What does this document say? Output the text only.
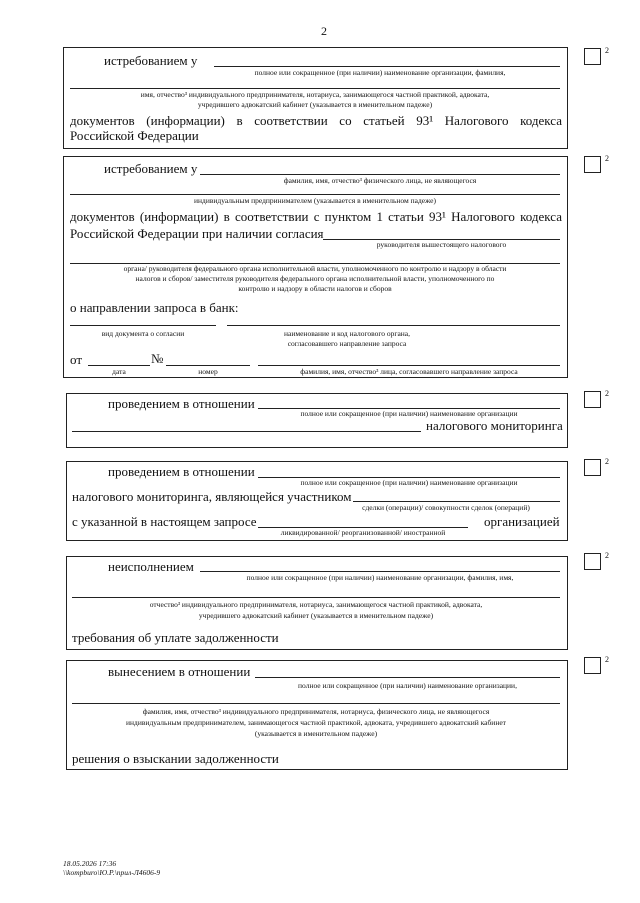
2
истребованием у
полное или сокращенное (при наличии) наименование организации, фамилия,
имя, отчество³ индивидуального предпринимателя, нотариуса, занимающегося частной практикой, адвоката,
учредившего адвокатский кабинет (указывается в именительном падеже)
документов (информации) в соответствии со статьей 93¹ Налогового кодекса
Российской Федерации
2
истребованием у
фамилия, имя, отчество³ физического лица, не являющегося
индивидуальным предпринимателем (указывается в именительном падеже)
документов (информации) в соответствии с пунктом 1 статьи 93¹ Налогового кодекса
Российской Федерации при наличии согласия
руководителя вышестоящего налогового
органа/ руководителя федерального органа исполнительной власти, уполномоченного по контролю и надзору в области
налогов и сборов/ заместителя руководителя федерального органа исполнительной власти, уполномоченного по
контролю и надзору в области налогов и сборов
о направлении запроса в банк:
вид документа о согласии	наименование и код налогового органа,
согласовавшего направление запроса
от	№
дата	номер	фамилия, имя, отчество³ лица, согласовавшего направление запроса
2
проведением в отношении
полное или сокращенное (при наличии) наименование организации
налогового мониторинга
2
проведением в отношении
полное или сокращенное (при наличии) наименование организации
налогового мониторинга, являющейся участником
сделки (операции)/ совокупности сделок (операций)
с указанной в настоящем запросе	организацией
ликвидированной/ реорганизованной/ иностранной
2
неисполнением
полное или сокращенное (при наличии) наименование организации, фамилия, имя,
отчество³ индивидуального предпринимателя, нотариуса, занимающегося частной практикой, адвоката,
учредившего адвокатский кабинет (указывается в именительном падеже)
требования об уплате задолженности
2
вынесением в отношении
полное или сокращенное (при наличии) наименование организации,
фамилия, имя, отчество³ индивидуального предпринимателя, нотариуса, физического лица, не являющегося
индивидуальным предпринимателем, занимающегося частной практикой, адвоката, учредившего адвокатский кабинет
(указывается в именительном падеже)
решения о взыскании задолженности
2
18.05.2026 17:36
\\kompburo\Ю.Р.\прил-Л4606-9
